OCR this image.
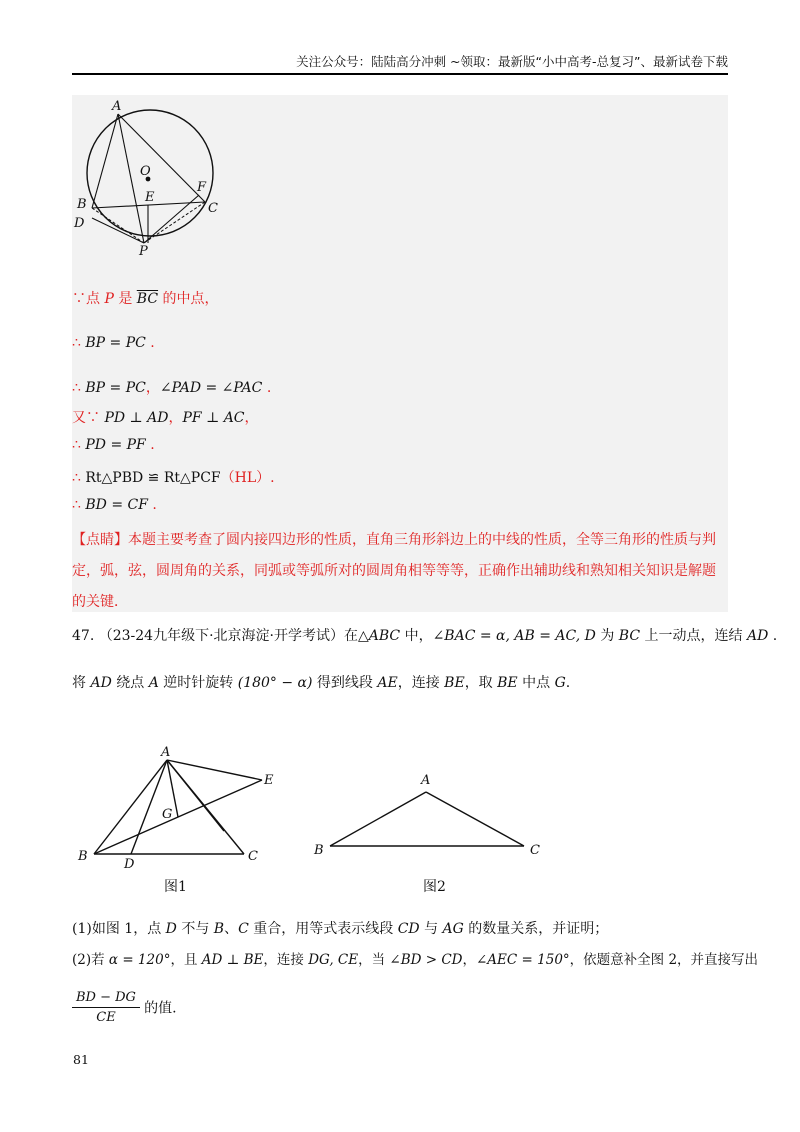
关注公众号：陆陆高分冲刺 ~领取：最新版“小中高考-总复习”、最新试卷下载
A
O
E
F
B	C
D
P
∵点 P 是 $\overline{BC}$ 的中点，
∴ BP = PC .
∴ BP = PC，∠PAD = ∠PAC .
又∵ PD ⊥ AD，PF ⊥ AC，
∴ PD = PF .
∴ Rt△PBD ≌ Rt△PCF（HL）.
∴ BD = CF .
【点睛】本题主要考查了圆内接四边形的性质，直角三角形斜边上的中线的性质，全等三角形的性质与判
定，弧，弦，圆周角的关系，同弧或等弧所对的圆周角相等等等，正确作出辅助线和熟知相关知识是解题
的关键．
47. （23-24九年级下·北京海淀·开学考试）在△ABC 中，∠BAC = α, AB = AC, D 为 BC 上一动点，连结 AD .
将 AD 绕点 A 逆时针旋转 (180° − α) 得到线段 AE，连接 BE，取 BE 中点 G.
A
E
G
B
D
C
图1
A
B	C
图2
(1)如图 1，点 D 不与 B、C 重合，用等式表示线段 CD 与 AG 的数量关系，并证明；
(2)若 α = 120°，且 AD ⊥ BE，连接 DG, CE，当 ∠BD > CD，∠AEC = 150°，依题意补全图 2，并直接写出
$\frac{BD - DG}{CE}$ 的值.
81
